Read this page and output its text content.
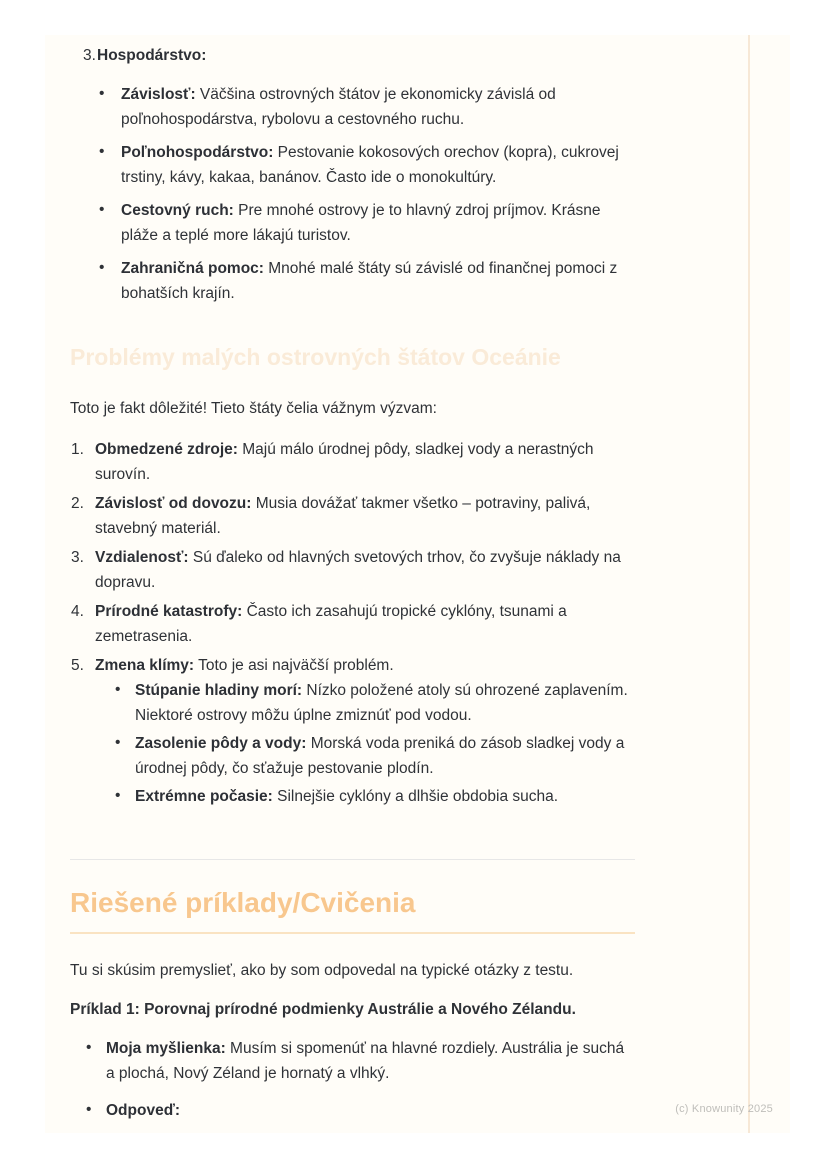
3. Hospodárstvo:
• Závislosť: Väčšina ostrovných štátov je ekonomicky závislá od poľnohospodárstva, rybolovu a cestovného ruchu.
• Poľnohospodárstvo: Pestovanie kokosových orechov (kopra), cukrovej trstiny, kávy, kakaa, banánov. Často ide o monokultúry.
• Cestovný ruch: Pre mnohé ostrovy je to hlavný zdroj príjmov. Krásne pláže a teplé more lákajú turistov.
• Zahraničná pomoc: Mnohé malé štáty sú závislé od finančnej pomoci z bohatších krajín.
Problémy malých ostrovných štátov Oceánie

Toto je fakt dôležité! Tieto štáty čelia vážnym výzvam:

1. Obmedzené zdroje: Majú málo úrodnej pôdy, sladkej vody a nerastných surovín.
2. Závislosť od dovozu: Musia dovážať takmer všetko – potraviny, palivá, stavebný materiál.
3. Vzdialenosť: Sú ďaleko od hlavných svetových trhov, čo zvyšuje náklady na dopravu.
4. Prírodné katastrofy: Často ich zasahujú tropické cyklóny, tsunami a zemetrasenia.
5. Zmena klímy: Toto je asi najväčší problém.
• Stúpanie hladiny morí: Nízko položené atoly sú ohrozené zaplavením. Niektoré ostrovy môžu úplne zmiznúť pod vodou.
• Zasolenie pôdy a vody: Morská voda preniká do zásob sladkej vody a úrodnej pôdy, čo sťažuje pestovanie plodín.
• Extrémne počasie: Silnejšie cyklóny a dlhšie obdobia sucha.
Riešené príklady/Cvičenia

Tu si skúsim premyslieť, ako by som odpovedal na typické otázky z testu.

Príklad 1: Porovnaj prírodné podmienky Austrálie a Nového Zélandu.

• Moja myšlienka: Musím si spomenúť na hlavné rozdiely. Austrália je suchá a plochá, Nový Zéland je hornatý a vlhký.
• Odpoveď:	(c) Knowunity 2025
